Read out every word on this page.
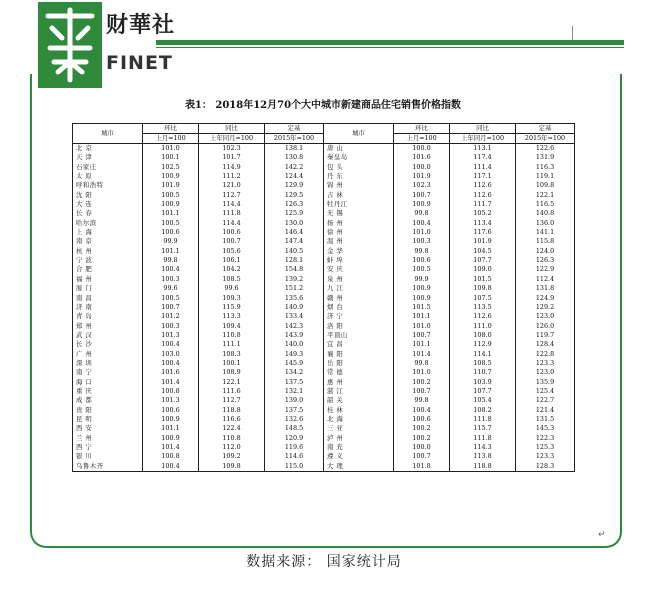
财華社
FINET
表1： 2018年12月70个大中城市新建商品住宅销售价格指数
城市	环比	同比	定基	城市	环比	同比	定基
	上月=100	上年同月=100	2015年=100		上月=100	上年同月=100	2015年=100
北 京	101.0	102.3	138.1	唐 山	100.0	113.1	122.6
天 津	100.1	101.7	130.8	秦皇岛	101.6	117.4	131.9
石家庄	102.5	114.9	142.2	包 头	100.0	111.4	116.3
太 原	100.9	111.2	124.4	丹 东	101.9	117.1	119.1
呼和浩特	101.9	121.0	129.9	锦 州	102.3	112.6	109.8
沈 阳	100.5	112.7	129.5	吉 林	100.7	112.6	122.1
大 连	100.9	114.4	126.3	牡丹江	100.9	111.7	116.5
长 春	101.1	111.8	125.9	无 锡	99.8	105.2	140.8
哈尔滨	100.5	114.4	130.0	扬 州	100.4	113.4	136.0
上 海	100.6	100.6	146.4	徐 州	101.0	117.6	141.1
南 京	99.9	100.7	147.4	温 州	100.3	101.9	115.8
杭 州	101.1	105.6	140.5	金 华	99.8	104.5	124.0
宁 波	99.8	106.1	128.1	蚌 埠	100.6	107.7	126.3
合 肥	100.4	104.2	154.8	安 庆	100.5	109.0	122.9
福 州	100.3	108.5	139.2	泉 州	99.9	101.5	112.4
厦 门	99.6	99.6	151.2	九 江	100.9	109.8	131.8
南 昌	100.5	109.3	135.6	赣 州	100.9	107.5	124.9
济 南	100.7	115.9	140.9	烟 台	101.5	113.5	129.2
青 岛	101.2	113.3	133.4	济 宁	101.1	112.6	123.0
郑 州	100.3	109.4	142.3	洛 阳	101.0	111.0	126.0
武 汉	101.3	110.8	143.9	平顶山	100.7	108.0	119.7
长 沙	100.4	111.1	140.0	宜 昌	101.1	112.9	128.4
广 州	103.0	108.3	149.3	襄 阳	101.4	114.1	122.8
深 圳	100.4	100.1	145.9	岳 阳	99.8	108.5	123.3
南 宁	101.6	108.9	134.2	常 德	101.0	110.7	123.0
海 口	101.4	122.1	137.5	惠 州	100.2	103.9	135.9
重 庆	100.8	111.6	132.1	湛 江	100.7	107.7	125.4
成 都	101.3	112.7	139.0	韶 关	99.8	105.4	122.7
贵 阳	100.6	118.8	137.5	桂 林	100.4	108.2	121.4
昆 明	100.9	116.6	132.6	北 海	100.6	111.8	131.5
西 安	101.1	122.4	148.5	三 亚	100.2	115.7	145.3
兰 州	100.9	110.8	120.9	泸 州	100.2	111.8	122.3
西 宁	101.4	112.0	119.6	南 充	100.0	114.3	125.3
银 川	100.8	109.2	114.6	遵 义	100.7	113.8	123.3
乌鲁木齐	100.4	109.8	115.0	大 理	101.8	118.8	128.3
数据来源： 国家统计局
↵
